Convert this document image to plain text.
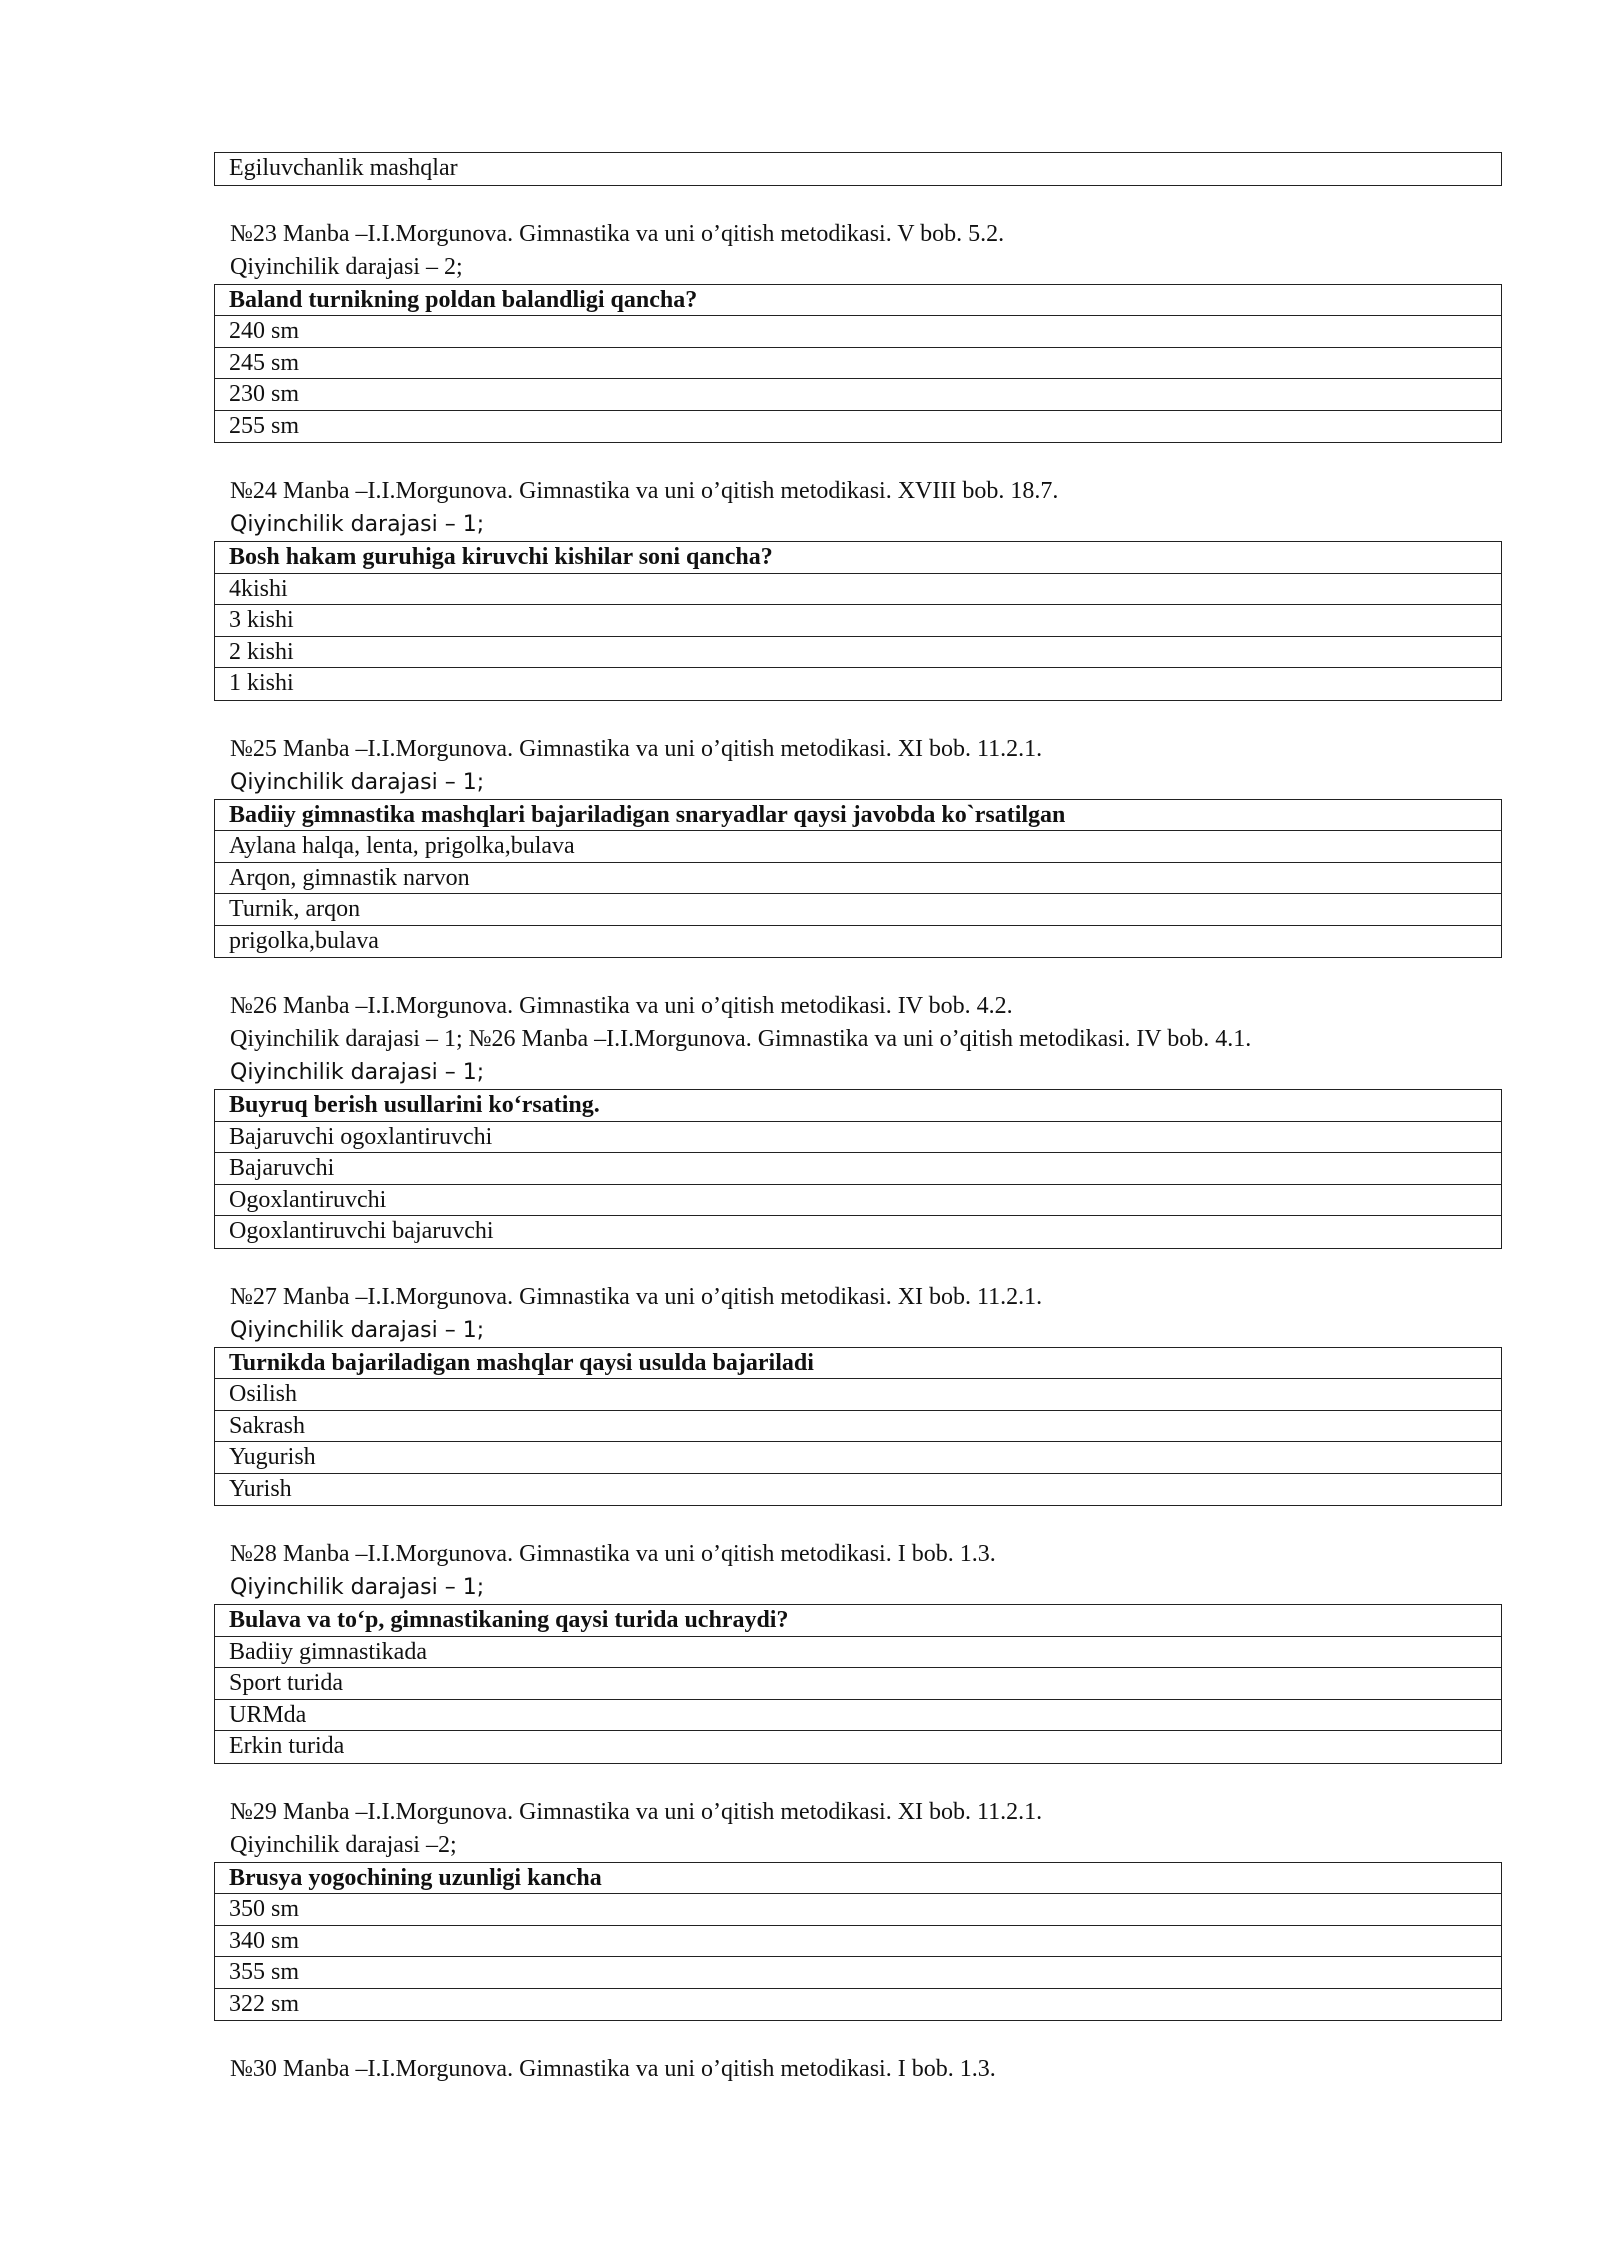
Egiluvchanlik mashqlar
№23 Manba –I.I.Morgunova. Gimnastika va uni o’qitish metodikasi. V bob. 5.2.
Qiyinchilik darajasi – 2;
Baland turnikning poldan balandligi qancha?
240 sm
245 sm
230 sm
255 sm
№24 Manba –I.I.Morgunova. Gimnastika va uni o’qitish metodikasi. XVIII bob. 18.7.
Qiyinchilik darajasi – 1;
Bosh hakam guruhiga kiruvchi kishilar soni qancha?
4kishi
3 kishi
2 kishi
1 kishi
№25 Manba –I.I.Morgunova. Gimnastika va uni o’qitish metodikasi. XI bob. 11.2.1.
Qiyinchilik darajasi – 1;
Badiiy gimnastika mashqlari bajariladigan snaryadlar qaysi javobda ko`rsatilgan
Aylana halqa, lenta, prigolka,bulava
Arqon, gimnastik narvon
Turnik, arqon
prigolka,bulava
№26 Manba –I.I.Morgunova. Gimnastika va uni o’qitish metodikasi. IV bob. 4.2.
Qiyinchilik darajasi – 1; №26 Manba –I.I.Morgunova. Gimnastika va uni o’qitish metodikasi. IV bob. 4.1.
Qiyinchilik darajasi – 1;
Buyruq berish usullarini ko‘rsating.
Bajaruvchi ogoxlantiruvchi
Bajaruvchi
Ogoxlantiruvchi
Ogoxlantiruvchi bajaruvchi
№27 Manba –I.I.Morgunova. Gimnastika va uni o’qitish metodikasi. XI bob. 11.2.1.
Qiyinchilik darajasi – 1;
Turnikda bajariladigan mashqlar qaysi usulda bajariladi
Osilish
Sakrash
Yugurish
Yurish
№28 Manba –I.I.Morgunova. Gimnastika va uni o’qitish metodikasi. I bob. 1.3.
Qiyinchilik darajasi – 1;
Bulava va to‘p, gimnastikaning qaysi turida uchraydi?
Badiiy gimnastikada
Sport turida
URMda
Erkin turida
№29 Manba –I.I.Morgunova. Gimnastika va uni o’qitish metodikasi. XI bob. 11.2.1.
Qiyinchilik darajasi –2;
Brusya yogochining uzunligi kancha
350 sm
340 sm
355 sm
322 sm
№30 Manba –I.I.Morgunova. Gimnastika va uni o’qitish metodikasi. I bob. 1.3.
